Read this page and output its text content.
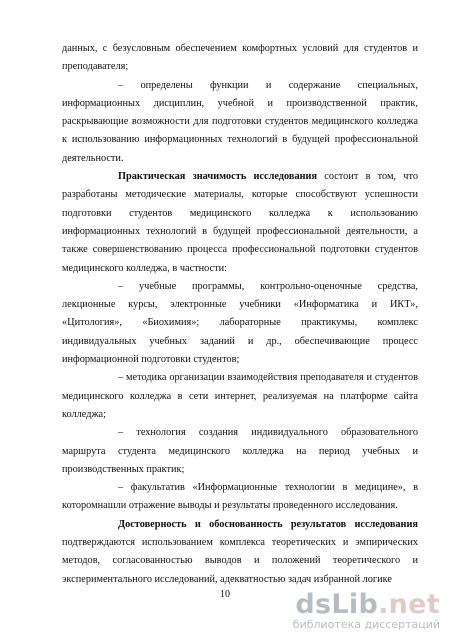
данных, с безусловным обеспечением комфортных условий для студентов и преподавателя;

– определены функции и содержание специальных, информационных дисциплин, учебной и производственной практик, раскрывающие возможности для подготовки студентов медицинского колледжа к использованию информационных технологий в будущей профессиональной деятельности.

Практическая значимость исследования состоит в том, что разработаны методические материалы, которые способствуют успешности подготовки студентов медицинского колледжа к использованию информационных технологий в будущей профессиональной деятельности, а также совершенствованию процесса профессиональной подготовки студентов медицинского колледжа, в частности:

– учебные программы, контрольно-оценочные средства, лекционные курсы, электронные учебники «Информатика и ИКТ», «Цитология», «Биохимия»; лабораторные практикумы, комплекс индивидуальных учебных заданий и др., обеспечивающие процесс информационной подготовки студентов;

– методика организации взаимодействия преподавателя и студентов медицинского колледжа в сети интернет, реализуемая на платформе сайта колледжа;

– технология создания индивидуального образовательного маршрута студента медицинского колледжа на период учебных и производственных практик;

– факультатив «Информационные технологии в медицине», в которомнашли отражение выводы и результаты проведенного исследования.

Достоверность и обоснованность результатов исследования подтверждаются использованием комплекса теоретических и эмпирических методов, согласованностью выводов и положений теоретического и экспериментального исследований, адекватностью задач избранной логике

10	dsLib.net
библиотека диссертаций
